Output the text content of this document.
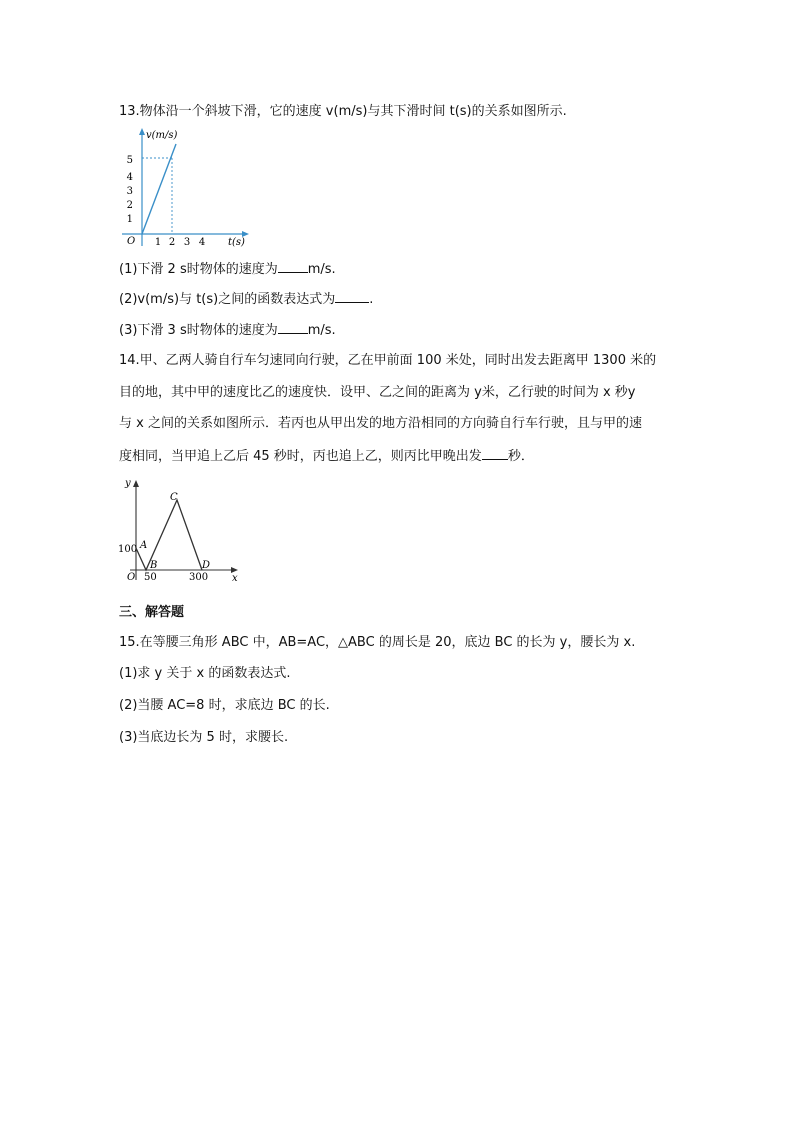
13.物体沿一个斜坡下滑，它的速度 v(m/s)与其下滑时间 t(s)的关系如图所示.
1
2
3
4
5
1 2 3 4
v(m/s)
t(s)
O
(1)下滑 2 s时物体的速度为 m/s.
(2)v(m/s)与 t(s)之间的函数表达式为	.
(3)下滑 3 s时物体的速度为 m/s.
14.甲、乙两人骑自行车匀速同向行驶，乙在甲前面 100 米处，同时出发去距离甲 1300 米的
目的地，其中甲的速度比乙的速度快．设甲、乙之间的距离为 y米，乙行驶的时间为 x 秒y
与 x 之间的关系如图所示．若丙也从甲出发的地方沿相同的方向骑自行车行驶，且与甲的速
度相同，当甲追上乙后 45 秒时，丙也追上乙，则丙比甲晚出发 秒．
y
x
O
100
50	300
A
B
C
D
三、解答题
15.在等腰三角形 ABC 中，AB=AC，△ABC 的周长是 20，底边 BC 的长为 y，腰长为 x.
(1)求 y 关于 x 的函数表达式.
(2)当腰 AC=8 时，求底边 BC 的长.
(3)当底边长为 5 时，求腰长.
